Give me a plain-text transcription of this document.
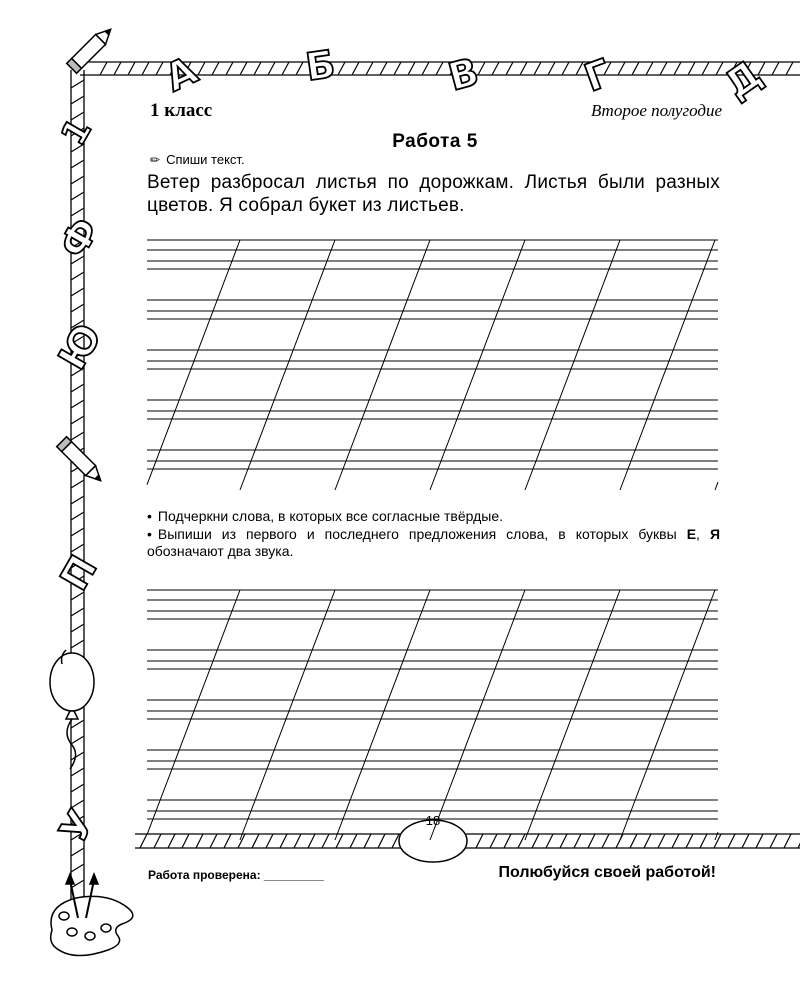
А	Б	В	Г	Д
Ф
Ю
П
У
1
1 класс	Второе полугодие
Работа 5
✏ Спиши текст.
Ветер разбросал листья по дорожкам. Листья были разных цветов. Я собрал букет из листьев.
• Подчеркни слова, в которых все согласные твёрдые.
• Выпиши из первого и последнего предложения слова, в которых буквы Е, Я обозначают два звука.
Работа проверена: _________	Полюбуйся своей работой!
18
